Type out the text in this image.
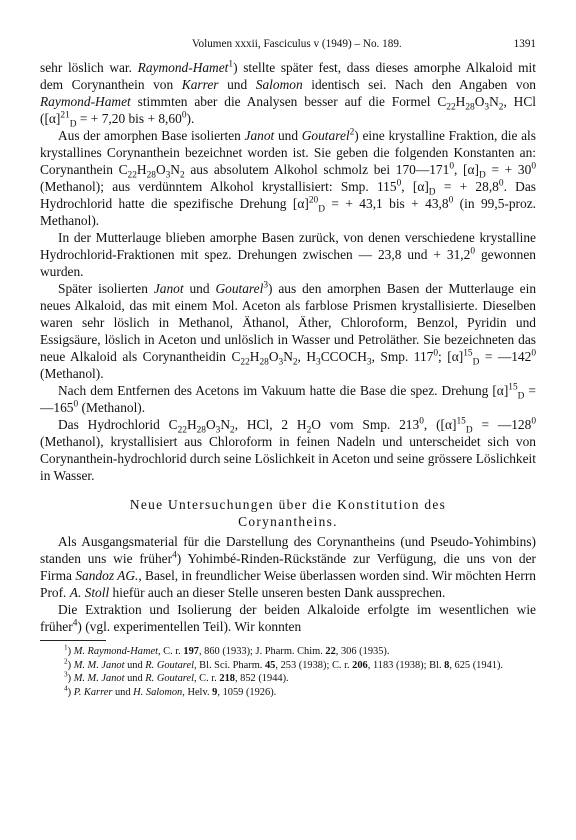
Volumen xxxii, Fasciculus v (1949) – No. 189.	1391

sehr löslich war. Raymond-Hamet$^1$) stellte später fest, dass dieses amorphe Alkaloid mit dem Corynanthein von Karrer und Salomon identisch sei. Nach den Angaben von Raymond-Hamet stimmten aber die Analysen besser auf die Formel $C_{22}H_{28}O_3N_2$, HCl ($[\alpha]^{21}_D$ = + 7,20 bis + $8,60^0$).

Aus der amorphen Base isolierten Janot und Goutarel$^2$) eine krystalline Fraktion, die als krystallines Corynanthein bezeichnet worden ist. Sie geben die folgenden Konstanten an: Corynanthein $C_{22}H_{28}O_3N_2$ aus absolutem Alkohol schmolz bei $170—171^0$, $[\alpha]_D$ = + $30^0$ (Methanol); aus verdünntem Alkohol krystallisiert: Smp. $115^0$, $[\alpha]_D$ = + $28,8^0$. Das Hydrochlorid hatte die spezifische Drehung $[\alpha]^{20}_D$ = + 43,1 bis + $43,8^0$ (in 99,5-proz. Methanol).

In der Mutterlauge blieben amorphe Basen zurück, von denen verschiedene krystalline Hydrochlorid-Fraktionen mit spez. Drehungen zwischen — 23,8 und + $31,2^0$ gewonnen wurden.

Später isolierten Janot und Goutarel$^3$) aus den amorphen Basen der Mutterlauge ein neues Alkaloid, das mit einem Mol. Aceton als farblose Prismen krystallisierte. Dieselben waren sehr löslich in Methanol, Äthanol, Äther, Chloroform, Benzol, Pyridin und Essigsäure, löslich in Aceton und unlöslich in Wasser und Petroläther. Sie bezeichneten das neue Alkaloid als Corynantheidin $C_{22}H_{28}O_3N_2$, $H_3CCOCH_3$, Smp. $117^0$; $[\alpha]^{15}_D$ = $—142^0$ (Methanol).

Nach dem Entfernen des Acetons im Vakuum hatte die Base die spez. Drehung $[\alpha]^{15}_D$ = $—165^0$ (Methanol).

Das Hydrochlorid $C_{22}H_{28}O_3N_2$, HCl, 2 $H_2O$ vom Smp. $213^0$, ($[\alpha]^{15}_D$ = $—128^0$ (Methanol), krystallisiert aus Chloroform in feinen Nadeln und unterscheidet sich von Corynanthein-hydrochlorid durch seine Löslichkeit in Aceton und seine grössere Löslichkeit in Wasser.

Neue Untersuchungen über die Konstitution des
Corynantheins.

Als Ausgangsmaterial für die Darstellung des Corynantheins (und Pseudo-Yohimbins) standen uns wie früher$^4$) Yohimbé-Rinden-Rückstände zur Verfügung, die uns von der Firma Sandoz AG., Basel, in freundlicher Weise überlassen worden sind. Wir möchten Herrn Prof. A. Stoll hiefür auch an dieser Stelle unseren besten Dank aussprechen.

Die Extraktion und Isolierung der beiden Alkaloide erfolgte im wesentlichen wie früher$^4$) (vgl. experimentellen Teil). Wir konnten

$^1$) M. Raymond-Hamet, C. r. 197, 860 (1933); J. Pharm. Chim. 22, 306 (1935).

$^2$) M. M. Janot und R. Goutarel, Bl. Sci. Pharm. 45, 253 (1938); C. r. 206, 1183 (1938); Bl. 8, 625 (1941).

$^3$) M. M. Janot und R. Goutarel, C. r. 218, 852 (1944).

$^4$) P. Karrer und H. Salomon, Helv. 9, 1059 (1926).
